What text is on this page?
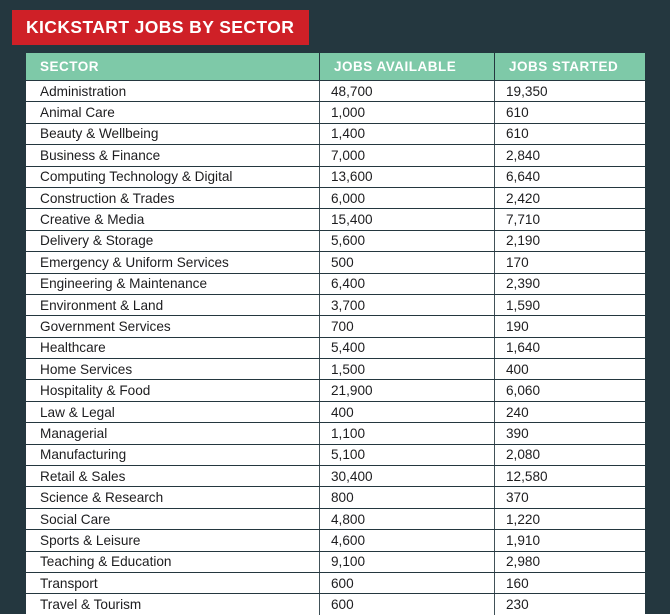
KICKSTART JOBS BY SECTOR
SECTOR	JOBS AVAILABLE	JOBS STARTED
Administration	48,700	19,350
Animal Care	1,000	610
Beauty & Wellbeing	1,400	610
Business & Finance	7,000	2,840
Computing Technology & Digital	13,600	6,640
Construction & Trades	6,000	2,420
Creative & Media	15,400	7,710
Delivery & Storage	5,600	2,190
Emergency & Uniform Services	500	170
Engineering & Maintenance	6,400	2,390
Environment & Land	3,700	1,590
Government Services	700	190
Healthcare	5,400	1,640
Home Services	1,500	400
Hospitality & Food	21,900	6,060
Law & Legal	400	240
Managerial	1,100	390
Manufacturing	5,100	2,080
Retail & Sales	30,400	12,580
Science & Research	800	370
Social Care	4,800	1,220
Sports & Leisure	4,600	1,910
Teaching & Education	9,100	2,980
Transport	600	160
Travel & Tourism	600	230
